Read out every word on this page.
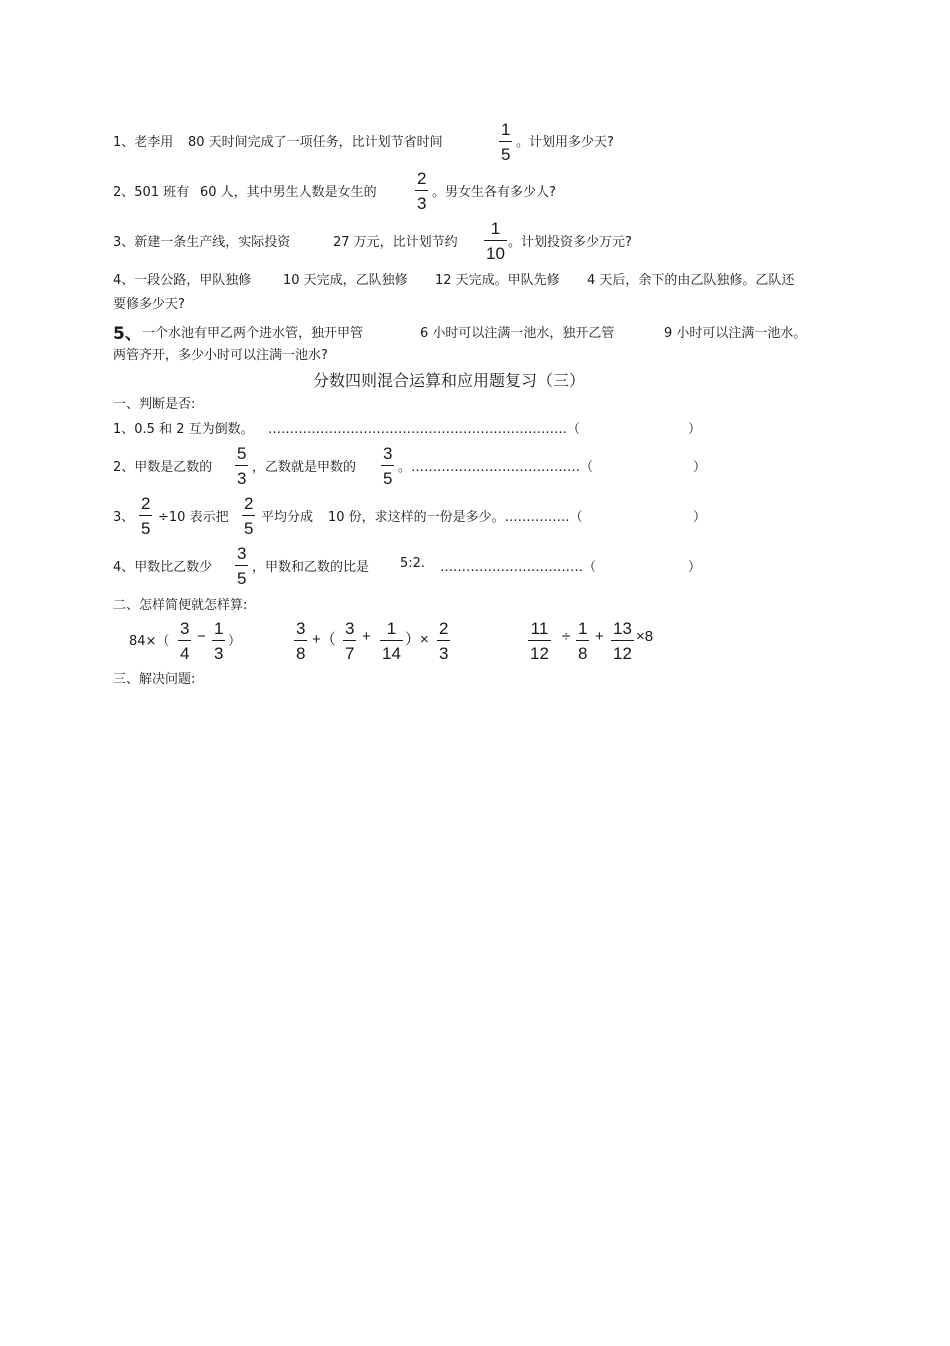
1、老李用 80 天时间完成了一项任务，比计划节省时间
1
5
。计划用多少天?
2、501 班有 60 人，其中男生人数是女生的
2
3
。男女生各有多少人?
3、新建一条生产线，实际投资	27 万元，比计划节约
1
10
。计划投资多少万元?
4、一段公路，甲队独修 10 天完成，乙队独修 12 天完成。甲队先修 4 天后，余下的由乙队独修。乙队还
要修多少天?
5、 一个水池有甲乙两个进水管，独开甲管	6 小时可以注满一池水，独开乙管	9 小时可以注满一池水。
两管齐开，多少小时可以注满一池水?
分数四则混合运算和应用题复习（三）
一、判断是否:
1、0.5 和 2 互为倒数。 ……………………………………………………………（	）
2、甲数是乙数的
5
3
，乙数就是甲数的
3
5
。…………………………………（	）
3、
2
5
÷10 表示把
2
5
平均分成 10 份，求这样的一份是多少。……………（	）
4、甲数比乙数少
3
5
，甲数和乙数的比是 5:2. ……………………………（	）
二、怎样简便就怎样算:
84×（
3
4
− 1
3
）
3
8
+（
3
7
+ 1
14
）×
2
3
11
12
÷ 1
8
+ 13
12
×8
三、解决问题:
